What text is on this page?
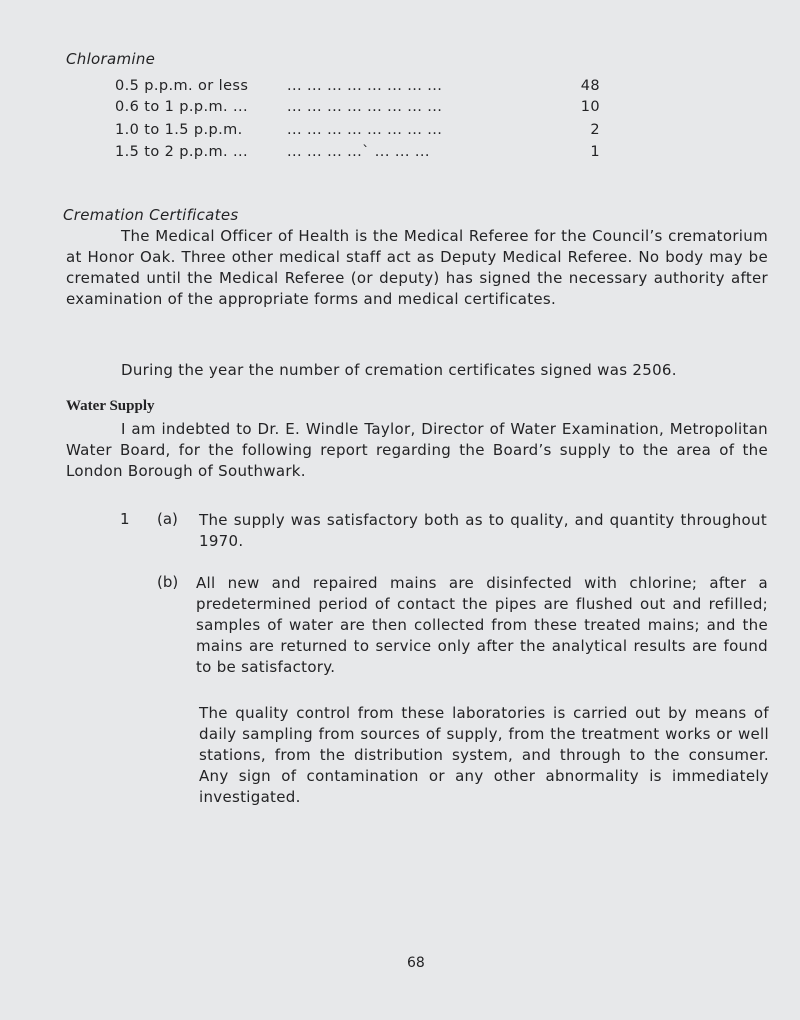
Chloramine
0.5 p.p.m. or less	... ... ... ... ... ... ... ...	48
0.6 to 1 p.p.m. ...	... ... ... ... ... ... ... ...	10
1.0 to 1.5 p.p.m.	... ... ... ... ... ... ... ...	2
1.5 to 2 p.p.m. ...	... ... ... ...` ... ... ...	1
Cremation Certificates
The Medical Officer of Health is the Medical Referee for the Council’s crematorium at Honor Oak. Three other medical staff act as Deputy Medical Referee. No body may be cremated until the Medical Referee (or deputy) has signed the necessary authority after examination of the appropriate forms and medical certificates.
During the year the number of cremation certificates signed was 2506.
Water Supply
I am indebted to Dr. E. Windle Taylor, Director of Water Examination, Metropolitan Water Board, for the following report regarding the Board’s supply to the area of the London Borough of Southwark.
1 (a) The supply was satisfactory both as to quality, and quantity throughout 1970.
(b) All new and repaired mains are disinfected with chlorine; after a predetermined period of contact the pipes are flushed out and refilled; samples of water are then collected from these treated mains; and the mains are returned to service only after the analytical results are found to be satisfactory.
The quality control from these laboratories is carried out by means of daily sampling from sources of supply, from the treatment works or well stations, from the distribution system, and through to the consumer. Any sign of contamination or any other abnormality is immediately investigated.
68
